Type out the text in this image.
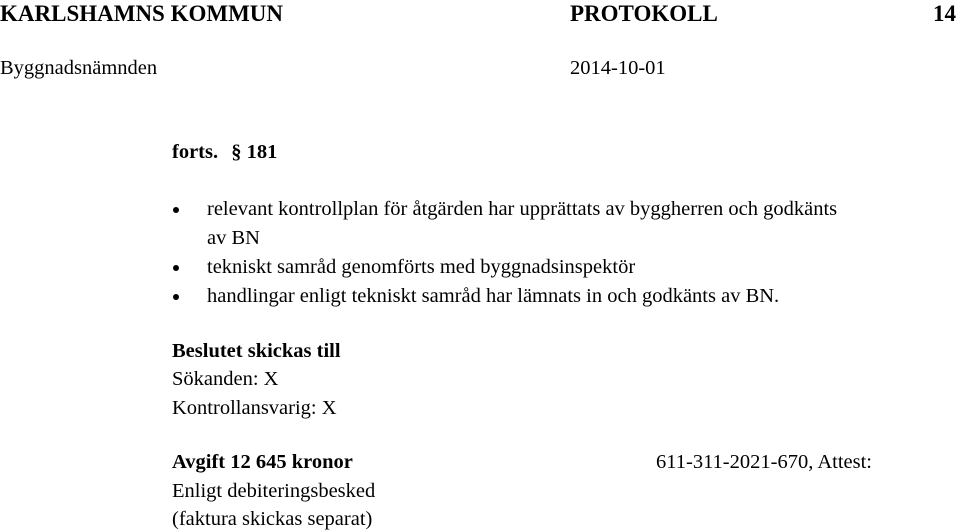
KARLSHAMNS KOMMUN	PROTOKOLL	14
Byggnadsnämnden	2014-10-01
forts. § 181
relevant kontrollplan för åtgärden har upprättats av byggherren och godkänts
av BN
tekniskt samråd genomförts med byggnadsinspektör
handlingar enligt tekniskt samråd har lämnats in och godkänts av BN.
Beslutet skickas till
Sökanden: X
Kontrollansvarig: X
Avgift 12 645 kronor	611-311-2021-670, Attest:
Enligt debiteringsbesked
(faktura skickas separat)
